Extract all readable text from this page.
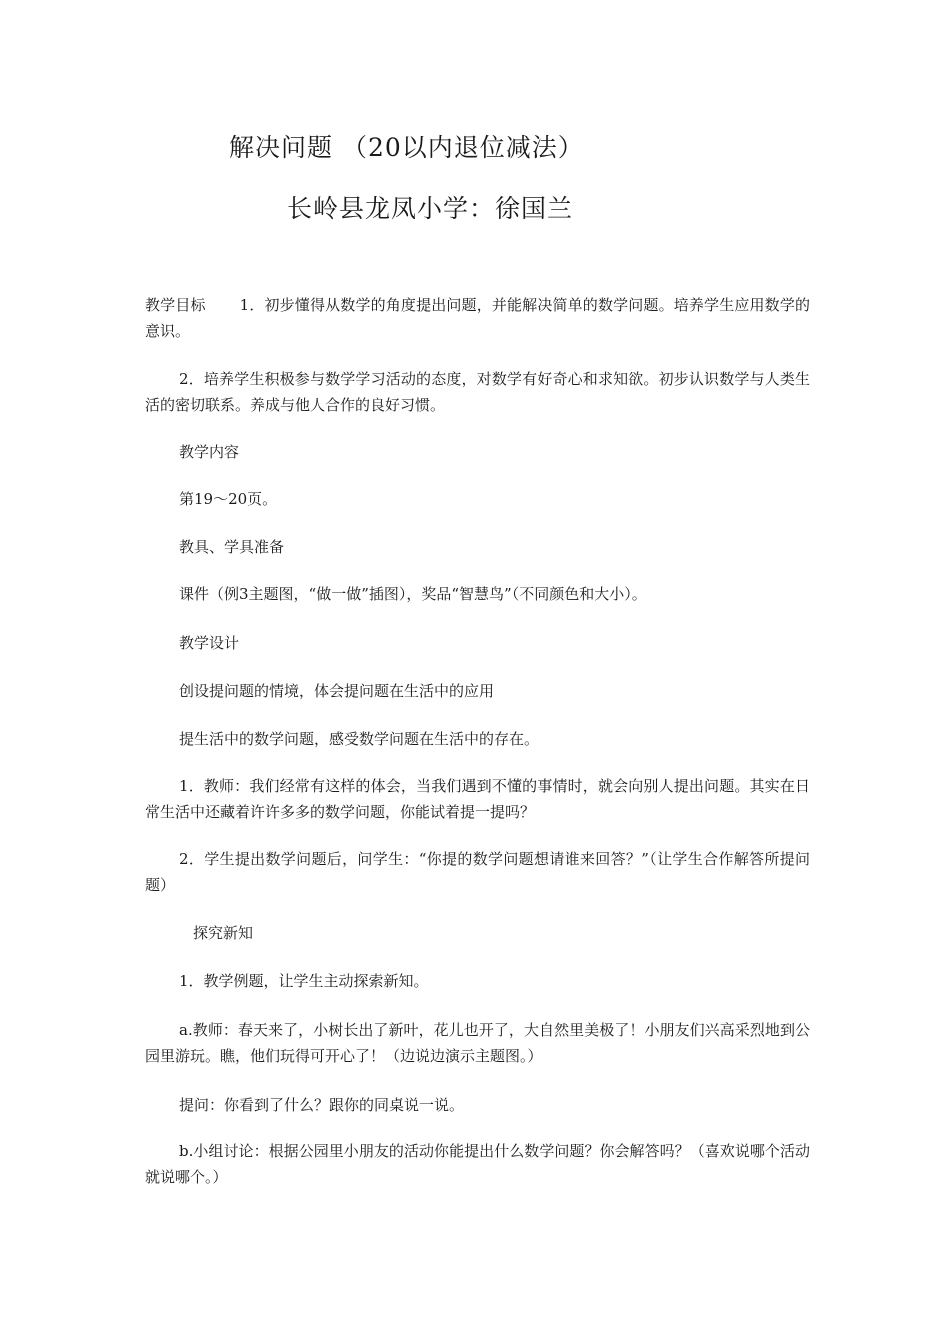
解决问题 （20以内退位减法）
长岭县龙凤小学：徐国兰
教学目标 1．初步懂得从数学的角度提出问题，并能解决简单的数学问题。培养学生应用数学的意识。
2．培养学生积极参与数学学习活动的态度，对数学有好奇心和求知欲。初步认识数学与人类生活的密切联系。养成与他人合作的良好习惯。
教学内容
第19～20页。
教具、学具准备
课件（例3主题图，“做一做”插图），奖品“智慧鸟”（不同颜色和大小）。
教学设计
创设提问题的情境，体会提问题在生活中的应用
提生活中的数学问题，感受数学问题在生活中的存在。
1．教师：我们经常有这样的体会，当我们遇到不懂的事情时，就会向别人提出问题。其实在日常生活中还藏着许许多多的数学问题，你能试着提一提吗？
2．学生提出数学问题后，问学生：“你提的数学问题想请谁来回答？”（让学生合作解答所提问题）
探究新知
1．教学例题，让学生主动探索新知。
a.教师：春天来了，小树长出了新叶，花儿也开了，大自然里美极了！小朋友们兴高采烈地到公园里游玩。瞧，他们玩得可开心了！（边说边演示主题图。）
提问：你看到了什么？跟你的同桌说一说。
b.小组讨论：根据公园里小朋友的活动你能提出什么数学问题？你会解答吗？（喜欢说哪个活动就说哪个。）
